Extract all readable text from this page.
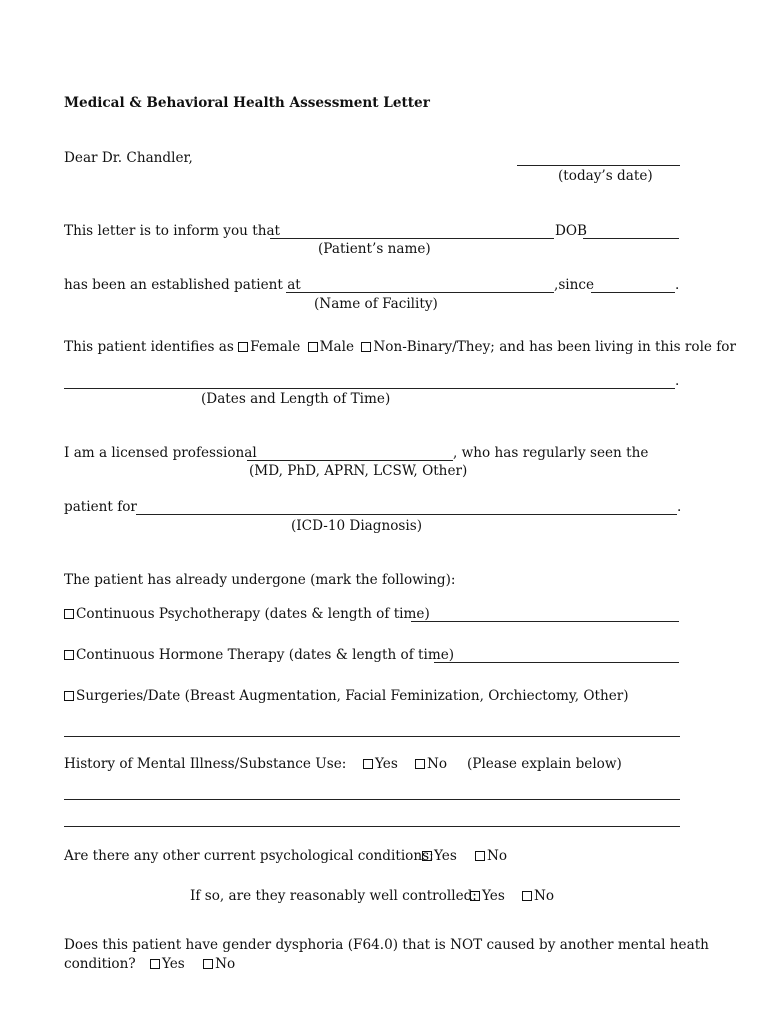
Medical & Behavioral Health Assessment Letter
Dear Dr. Chandler,
(today’s date)
This letter is to inform you that	DOB
(Patient’s name)
has been an established patient at	,since	.
(Name of Facility)
This patient identifies as Female Male Non-Binary/They; and has been living in this role for
.
(Dates and Length of Time)
I am a licensed professional	, who has regularly seen the
(MD, PhD, APRN, LCSW, Other)
patient for	.
(ICD-10 Diagnosis)
The patient has already undergone (mark the following):
Continuous Psychotherapy (dates & length of time)
Continuous Hormone Therapy (dates & length of time)
Surgeries/Date (Breast Augmentation, Facial Feminization, Orchiectomy, Other)
History of Mental Illness/Substance Use:	Yes	No (Please explain below)
Are there any other current psychological conditions: Yes	No
If so, are they reasonably well controlled: Yes	No
Does this patient have gender dysphoria (F64.0) that is NOT caused by another mental heath
condition? Yes No
